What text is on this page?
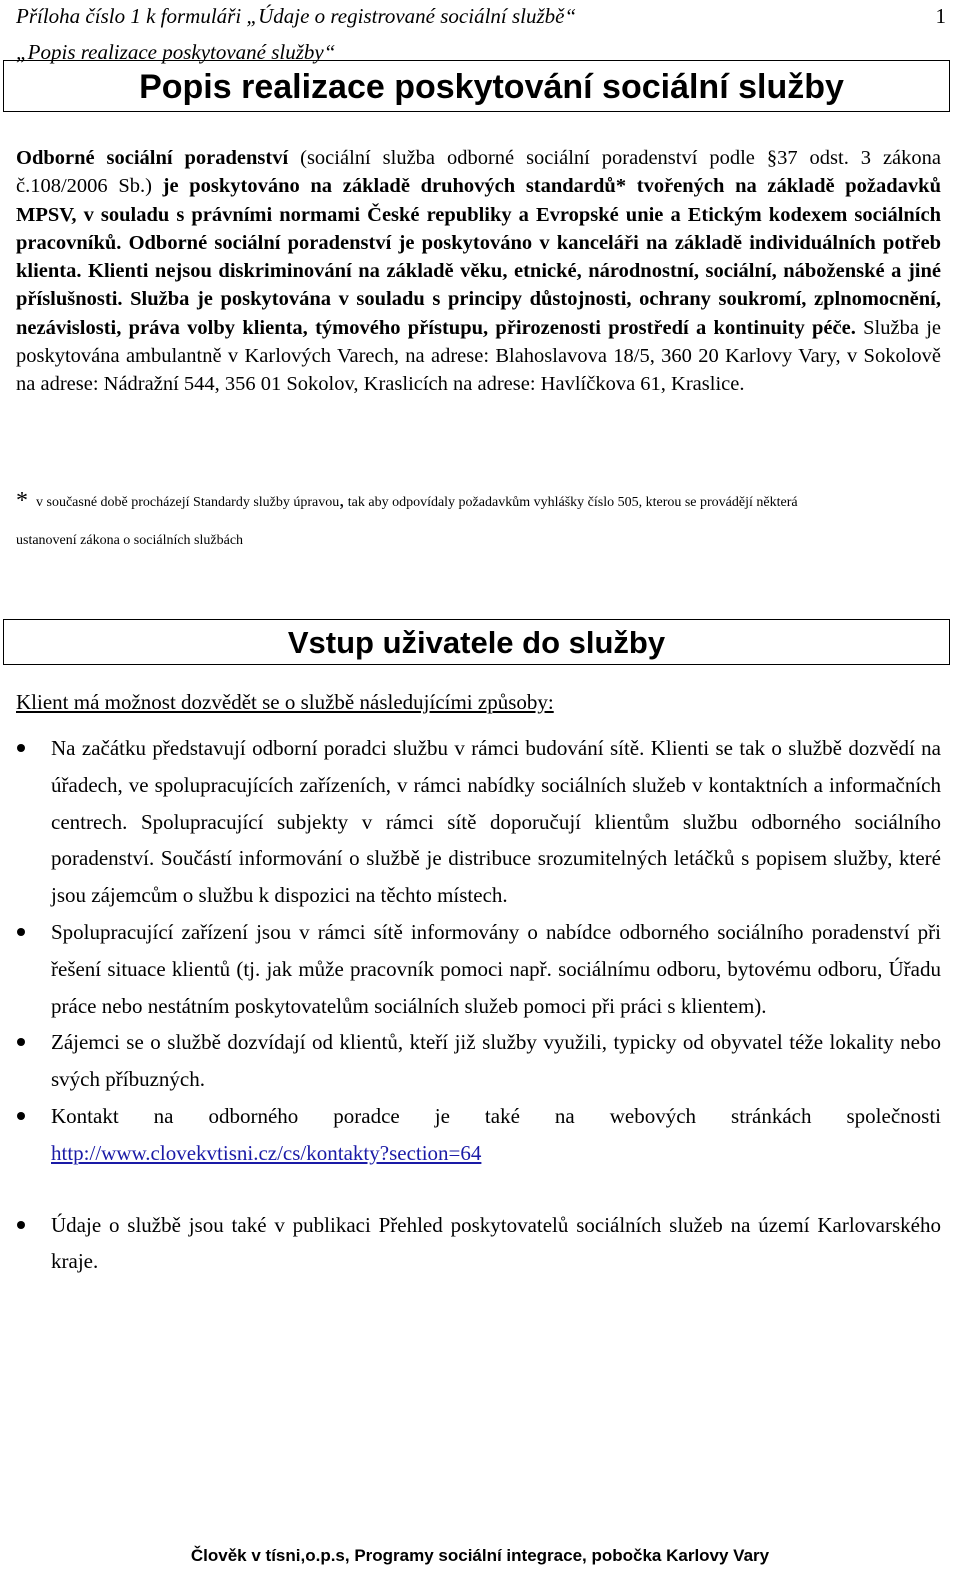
Příloha číslo 1 k formuláři „Údaje o registrované sociální službě“	1
„Popis realizace poskytované služby“
Popis realizace poskytování sociální služby

Odborné sociální poradenství (sociální služba odborné sociální poradenství podle §37 odst. 3 zákona č.108/2006 Sb.) je poskytováno na základě druhových standardů* tvořených na základě požadavků MPSV, v souladu s právními normami České republiky a Evropské unie a Etickým kodexem sociálních pracovníků. Odborné sociální poradenství je poskytováno v kanceláři na základě individuálních potřeb klienta. Klienti nejsou diskriminování na základě věku, etnické, národnostní, sociální, náboženské a jiné příslušnosti. Služba je poskytována v souladu s principy důstojnosti, ochrany soukromí, zplnomocnění, nezávislosti, práva volby klienta, týmového přístupu, přirozenosti prostředí a kontinuity péče. Služba je poskytována ambulantně v Karlových Varech, na adrese: Blahoslavova 18/5, 360 20 Karlovy Vary, v Sokolově na adrese: Nádražní 544, 356 01 Sokolov, Kraslicích na adrese: Havlíčkova 61, Kraslice.

* v současné době procházejí Standardy služby úpravou, tak aby odpovídaly požadavkům vyhlášky číslo 505, kterou se provádějí některá
ustanovení zákona o sociálních službách

Vstup uživatele do služby
Klient má možnost dozvědět se o službě následujícími způsoby:
Na začátku představují odborní poradci službu v rámci budování sítě. Klienti se tak o službě dozvědí na úřadech, ve spolupracujících zařízeních, v rámci nabídky sociálních služeb v kontaktních a informačních centrech. Spolupracující subjekty v rámci sítě doporučují klientům službu odborného sociálního poradenství. Součástí informování o službě je distribuce srozumitelných letáčků s popisem služby, které jsou zájemcům o službu k dispozici na těchto místech.
Spolupracující zařízení jsou v rámci sítě informovány o nabídce odborného sociálního poradenství při řešení situace klientů (tj. jak může pracovník pomoci např. sociálnímu odboru, bytovému odboru, Úřadu práce nebo nestátním poskytovatelům sociálních služeb pomoci při práci s klientem).
Zájemci se o službě dozvídají od klientů, kteří již služby využili, typicky od obyvatel téže lokality nebo svých příbuzných.
Kontakt na odborného poradce je také na webových stránkách společnosti http://www.clovekvtisni.cz/cs/kontakty?section=64
Údaje o službě jsou také v publikaci Přehled poskytovatelů sociálních služeb na území Karlovarského kraje.
Člověk v tísni,o.p.s, Programy sociální integrace, pobočka Karlovy Vary
